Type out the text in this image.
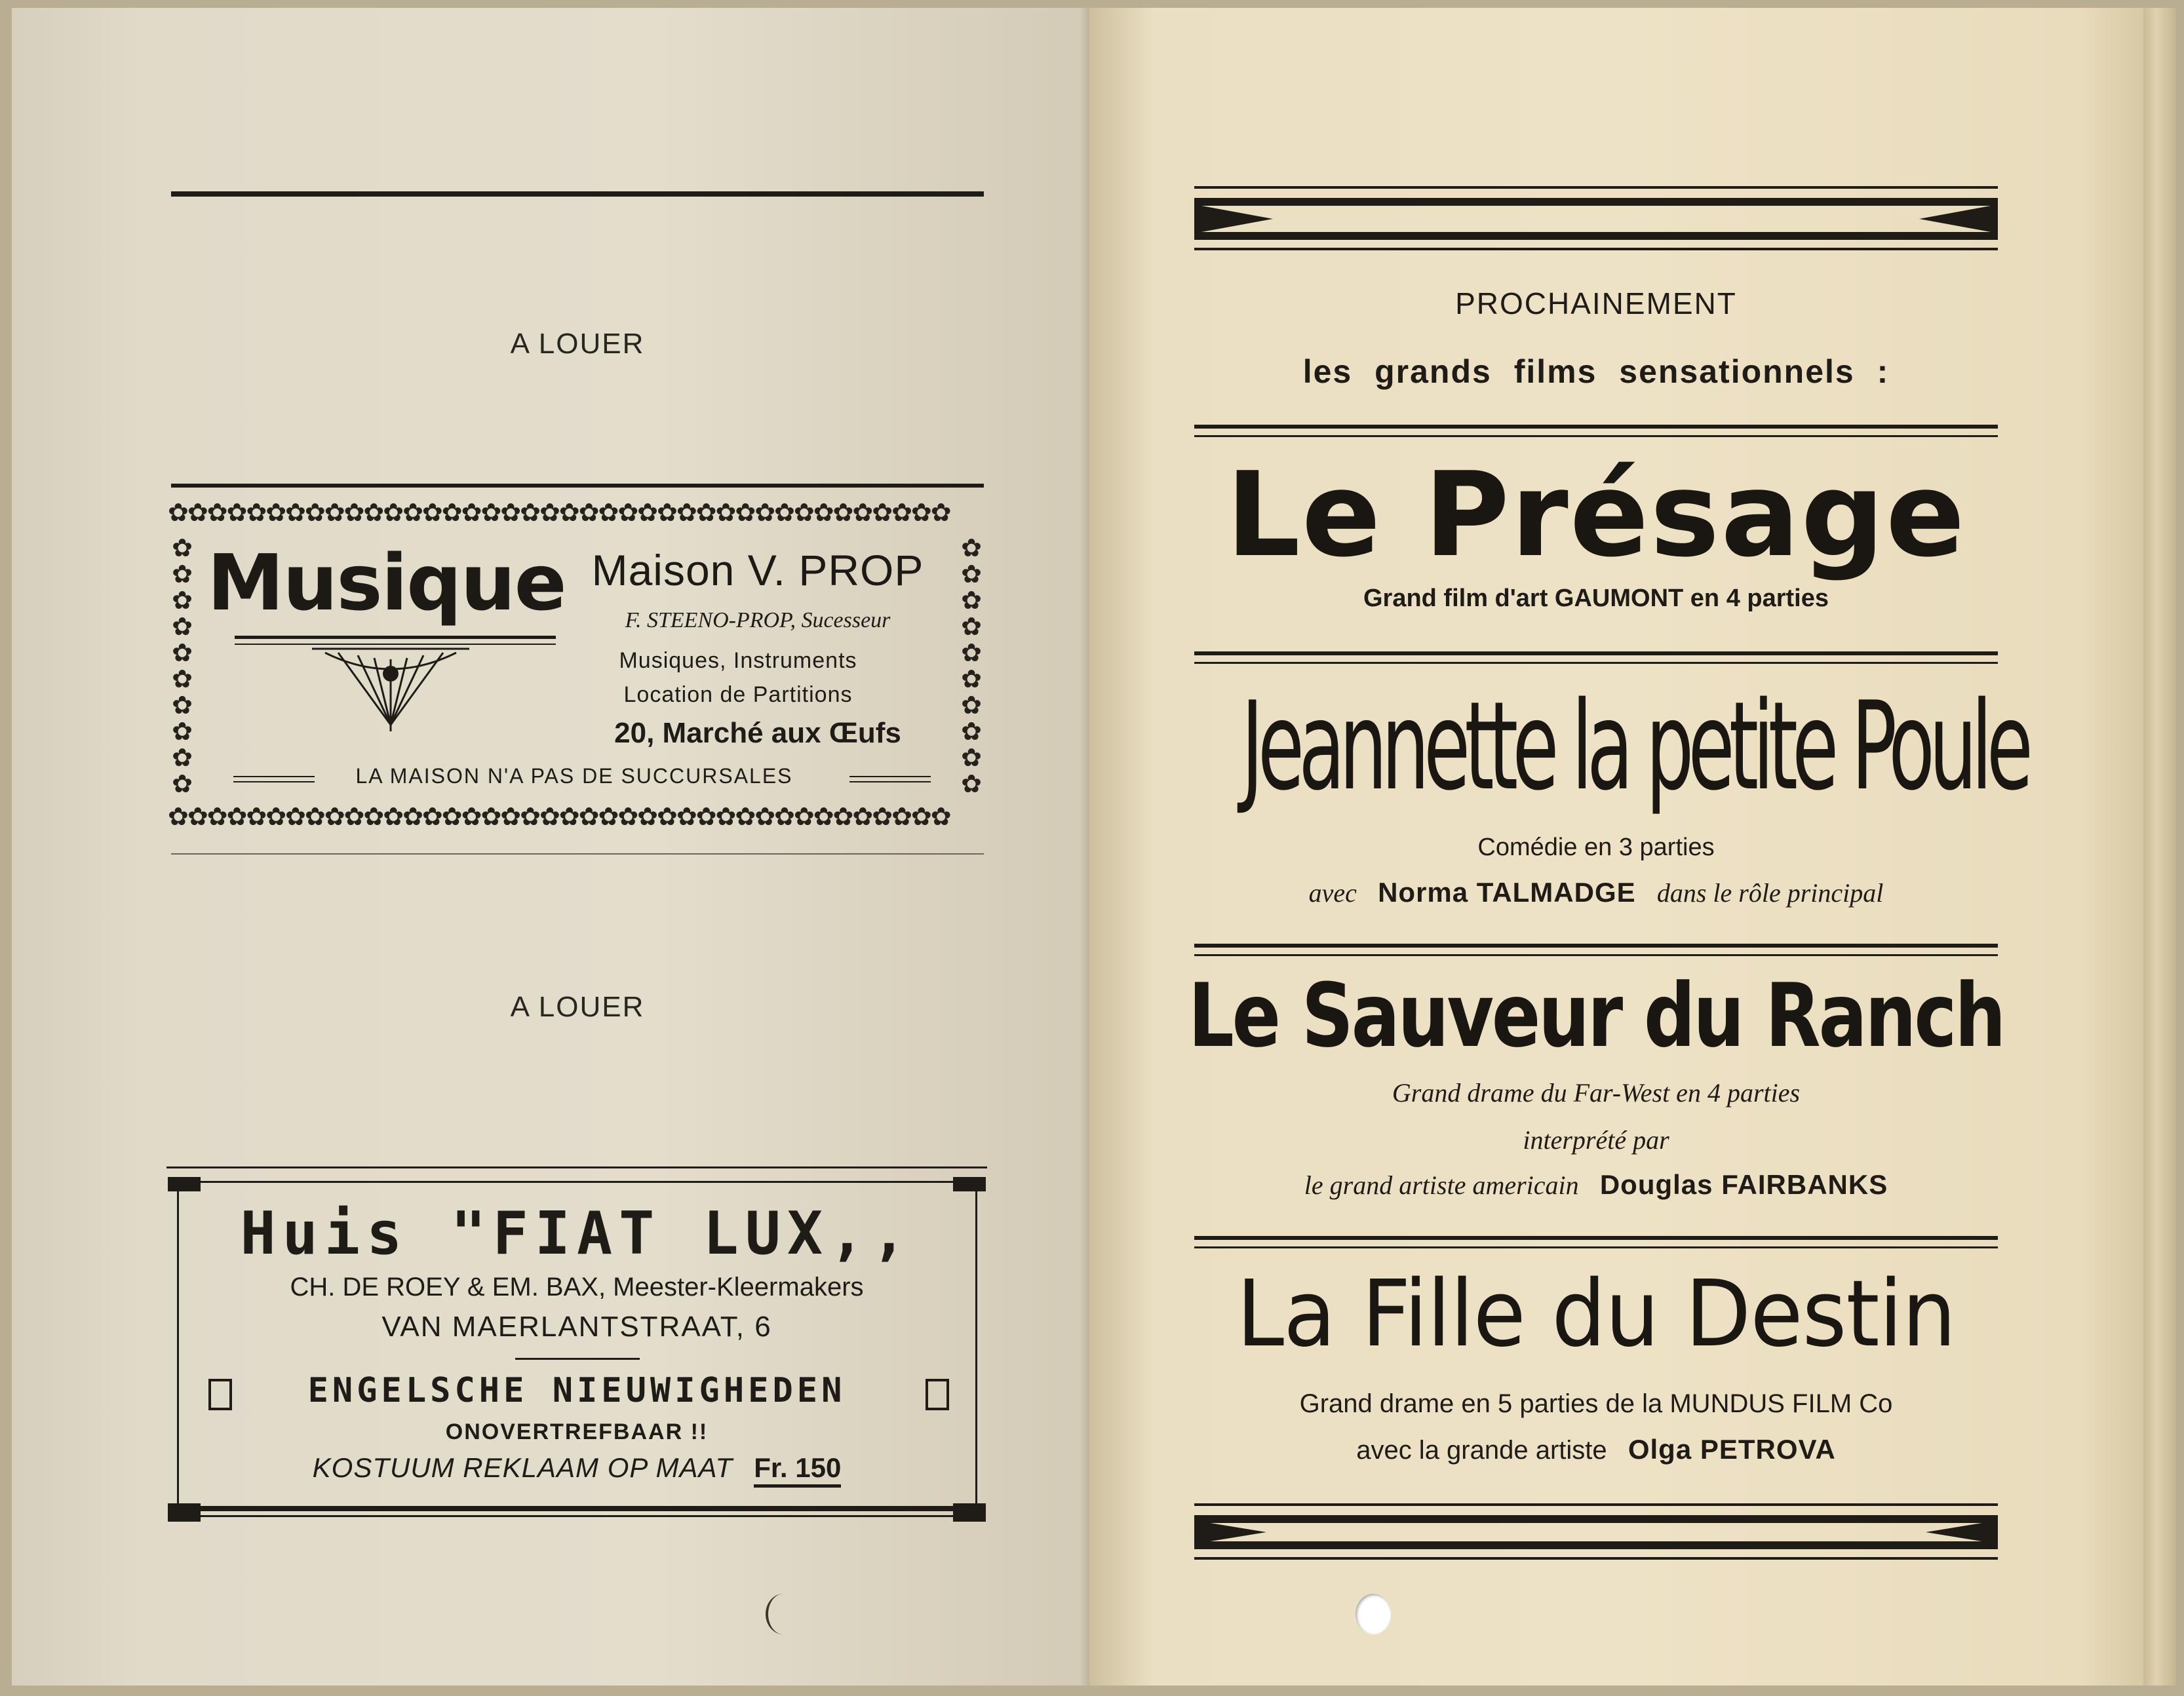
A LOUER
✿✿✿✿✿✿✿✿✿✿✿✿✿✿✿✿✿✿✿✿✿✿✿✿✿✿✿✿✿✿✿✿✿✿✿✿✿✿✿✿
✿
✿
✿
✿
✿
✿
✿
✿
✿
✿
✿
✿
✿
✿
✿
✿
✿
✿
✿
✿
✿✿✿✿✿✿✿✿✿✿✿✿✿✿✿✿✿✿✿✿✿✿✿✿✿✿✿✿✿✿✿✿✿✿✿✿✿✿✿✿
Musique Maison V. PROP
F. STEENO-PROP, Sucesseur
Musiques, Instruments
Location de Partitions
20, Marché aux Œufs
LA MAISON N'A PAS DE SUCCURSALES
A LOUER
Huis "FIAT LUX,,
CH. DE ROEY & EM. BAX, Meester-Kleermakers
VAN MAERLANTSTRAAT, 6
ENGELSCHE NIEUWIGHEDEN
ONOVERTREFBAAR !!
KOSTUUM REKLAAM OP MAAT Fr. 150
PROCHAINEMENT
les grands films sensationnels :
Le Présage
Grand film d'art GAUMONT en 4 parties
Jeannette la petite Poule
Comédie en 3 parties
avec Norma TALMADGE dans le rôle principal
Le Sauveur du Ranch
Grand drame du Far-West en 4 parties
interprété par
le grand artiste americain Douglas FAIRBANKS
La Fille du Destin
Grand drame en 5 parties de la MUNDUS FILM Co
avec la grande artiste Olga PETROVA
